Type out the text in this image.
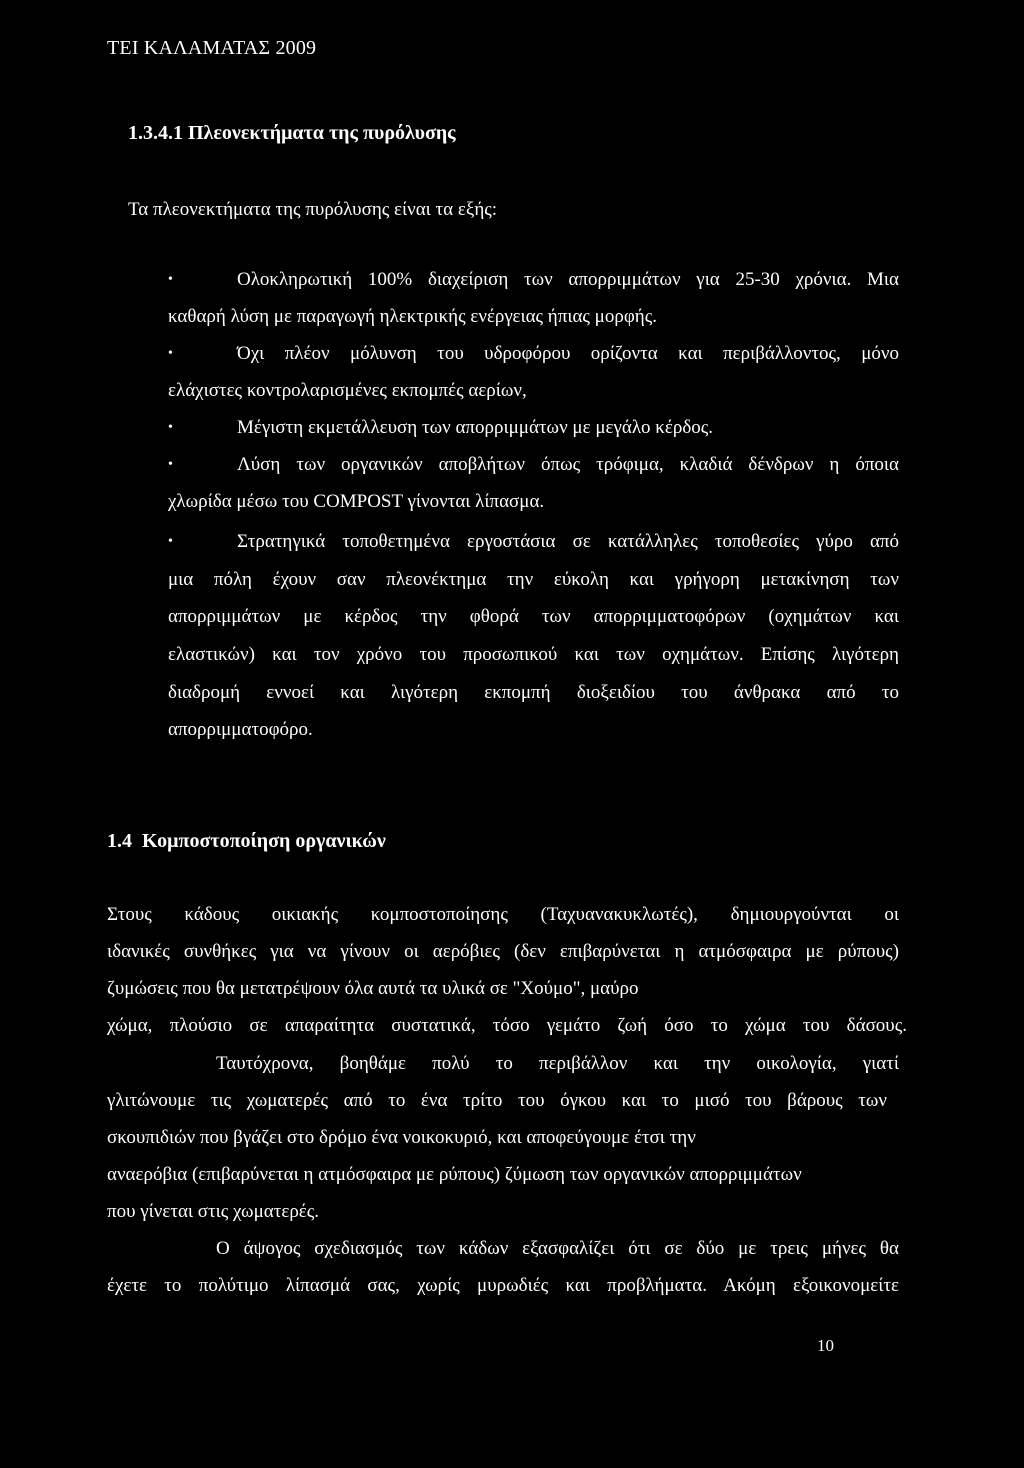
ΤΕΙ ΚΑΛΑΜΑΤΑΣ 2009
1.3.4.1 Πλεονεκτήματα της πυρόλυσης
Τα πλεονεκτήματα της πυρόλυσης είναι τα εξής:
•	Ολοκληρωτική 100% διαχείριση των απορριμμάτων για 25-30 χρόνια. Μια
καθαρή λύση με παραγωγή ηλεκτρικής ενέργειας ήπιας μορφής.
•	Όχι πλέον μόλυνση του υδροφόρου ορίζοντα και περιβάλλοντος, μόνο
ελάχιστες κοντρολαρισμένες εκπομπές αερίων,
•	Μέγιστη εκμετάλλευση των απορριμμάτων με μεγάλο κέρδος.
•	Λύση των οργανικών αποβλήτων όπως τρόφιμα, κλαδιά δένδρων η όποια
χλωρίδα μέσω του COMPOST γίνονται λίπασμα.
•	Στρατηγικά τοποθετημένα εργοστάσια σε κατάλληλες τοποθεσίες γύρο από
μια πόλη έχουν σαν πλεονέκτημα την εύκολη και γρήγορη μετακίνηση των
απορριμμάτων με κέρδος την φθορά των απορριμματοφόρων (οχημάτων και
ελαστικών) και τον χρόνο του προσωπικού και των οχημάτων. Επίσης λιγότερη
διαδρομή εννοεί και λιγότερη εκπομπή διοξειδίου του άνθρακα από το
απορριμματοφόρο.
1.4 Κομποστοποίηση οργανικών
Στους κάδους οικιακής κομποστοποίησης (Ταχυανακυκλωτές), δημιουργούνται οι
ιδανικές συνθήκες για να γίνουν οι αερόβιες (δεν επιβαρύνεται η ατμόσφαιρα με ρύπους)
ζυμώσεις που θα μετατρέψουν όλα αυτά τα υλικά σε "Χούμο", μαύρο
χώμα, πλούσιο σε απαραίτητα συστατικά, τόσο γεμάτο ζωή όσο το χώμα του δάσους.
Ταυτόχρονα, βοηθάμε πολύ το περιβάλλον και την οικολογία, γιατί
γλιτώνουμε τις χωματερές από το ένα τρίτο του όγκου και το μισό του βάρους των
σκουπιδιών που βγάζει στο δρόμο ένα νοικοκυριό, και αποφεύγουμε έτσι την
αναερόβια (επιβαρύνεται η ατμόσφαιρα με ρύπους) ζύμωση των οργανικών απορριμμάτων
που γίνεται στις χωματερές.
Ο άψογος σχεδιασμός των κάδων εξασφαλίζει ότι σε δύο με τρεις μήνες θα
έχετε το πολύτιμο λίπασμά σας, χωρίς μυρωδιές και προβλήματα. Ακόμη εξοικονομείτε
10
